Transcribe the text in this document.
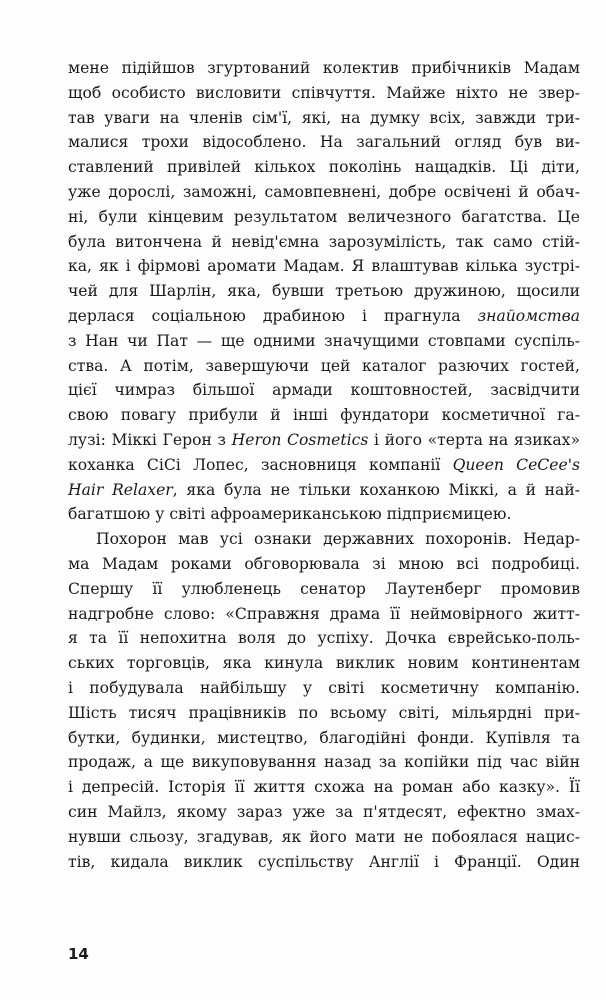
мене підійшов згуртований колектив прибічників Мадам
щоб особисто висловити співчуття. Майже ніхто не звер-
тав уваги на членів сім'ї, які, на думку всіх, завжди три-
малися трохи відособлено. На загальний огляд був ви-
ставлений привілей кількох поколінь нащадків. Ці діти,
уже дорослі, заможні, самовпевнені, добре освічені й обач-
ні, були кінцевим результатом величезного багатства. Це
була витончена й невід'ємна зарозумілість, так само стій-
ка, як і фірмові аромати Мадам. Я влаштував кілька зустрі-
чей для Шарлін, яка, бувши третьою дружиною, щосили
дерлася соціальною драбиною і прагнула знайомства
з Нан чи Пат — ще одними значущими стовпами суспіль-
ства. А потім, завершуючи цей каталог разючих гостей,
цієї чимраз більшої армади коштовностей, засвідчити
свою повагу прибули й інші фундатори косметичної га-
лузі: Міккі Герон з Heron Cosmetics і його «терта на язиках»
коханка СіСі Лопес, засновниця компанії Queen CeCee's
Hair Relaxer, яка була не тільки коханкою Міккі, а й най-
багатшою у світі афроамериканською підприємицею.
Похорон мав усі ознаки державних похоронів. Недар-
ма Мадам роками обговорювала зі мною всі подробиці.
Спершу її улюбленець сенатор Лаутенберг промовив
надгробне слово: «Справжня драма її неймовірного житт-
я та її непохитна воля до успіху. Дочка єврейсько-поль-
ських торговців, яка кинула виклик новим континентам
і побудувала найбільшу у світі косметичну компанію.
Шість тисяч працівників по всьому світі, мільярдні при-
бутки, будинки, мистецтво, благодійні фонди. Купівля та
продаж, а ще викуповування назад за копійки під час війн
і депресій. Історія її життя схожа на роман або казку». Її
син Майлз, якому зараз уже за п'ятдесят, ефектно змах-
нувши сльозу, згадував, як його мати не побоялася нацис-
тів, кидала виклик суспільству Англії і Франції. Один
14
